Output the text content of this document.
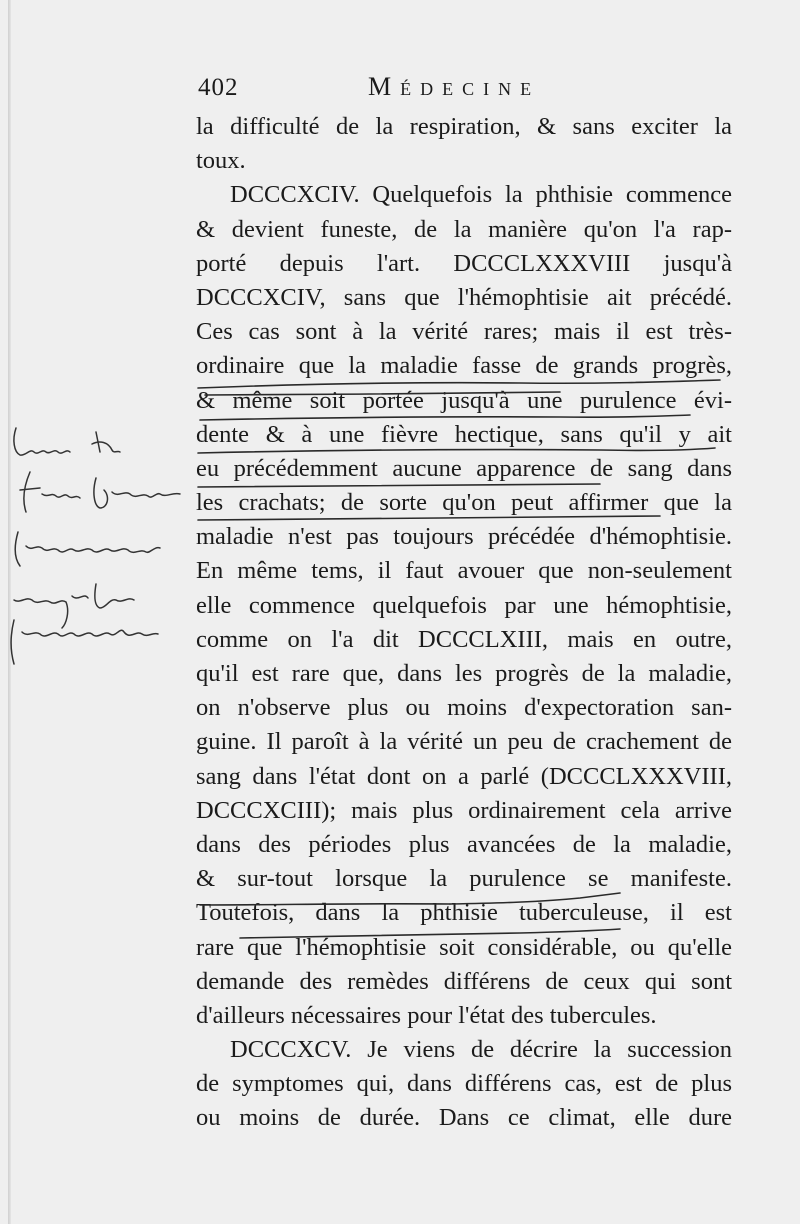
402	Médecine
la difficulté de la respiration, & sans exciter la
toux.
DCCCXCIV. Quelquefois la phthisie commence
& devient funeste, de la manière qu'on l'a rap-
porté depuis l'art. DCCCLXXXVIII jusqu'à
DCCCXCIV, sans que l'hémophtisie ait précédé.
Ces cas sont à la vérité rares; mais il est très-
ordinaire que la maladie fasse de grands progrès,
& même soit portée jusqu'à une purulence évi-
dente & à une fièvre hectique, sans qu'il y ait
eu précédemment aucune apparence de sang dans
les crachats; de sorte qu'on peut affirmer que la
maladie n'est pas toujours précédée d'hémophtisie.
En même tems, il faut avouer que non-seulement
elle commence quelquefois par une hémophtisie,
comme on l'a dit DCCCLXIII, mais en outre,
qu'il est rare que, dans les progrès de la maladie,
on n'observe plus ou moins d'expectoration san-
guine. Il paroît à la vérité un peu de crachement de
sang dans l'état dont on a parlé (DCCCLXXXVIII,
DCCCXCIII); mais plus ordinairement cela arrive
dans des périodes plus avancées de la maladie,
& sur-tout lorsque la purulence se manifeste.
Toutefois, dans la phthisie tuberculeuse, il est
rare que l'hémophtisie soit considérable, ou qu'elle
demande des remèdes différens de ceux qui sont
d'ailleurs nécessaires pour l'état des tubercules.
DCCCXCV. Je viens de décrire la succession
de symptomes qui, dans différens cas, est de plus
ou moins de durée. Dans ce climat, elle dure
